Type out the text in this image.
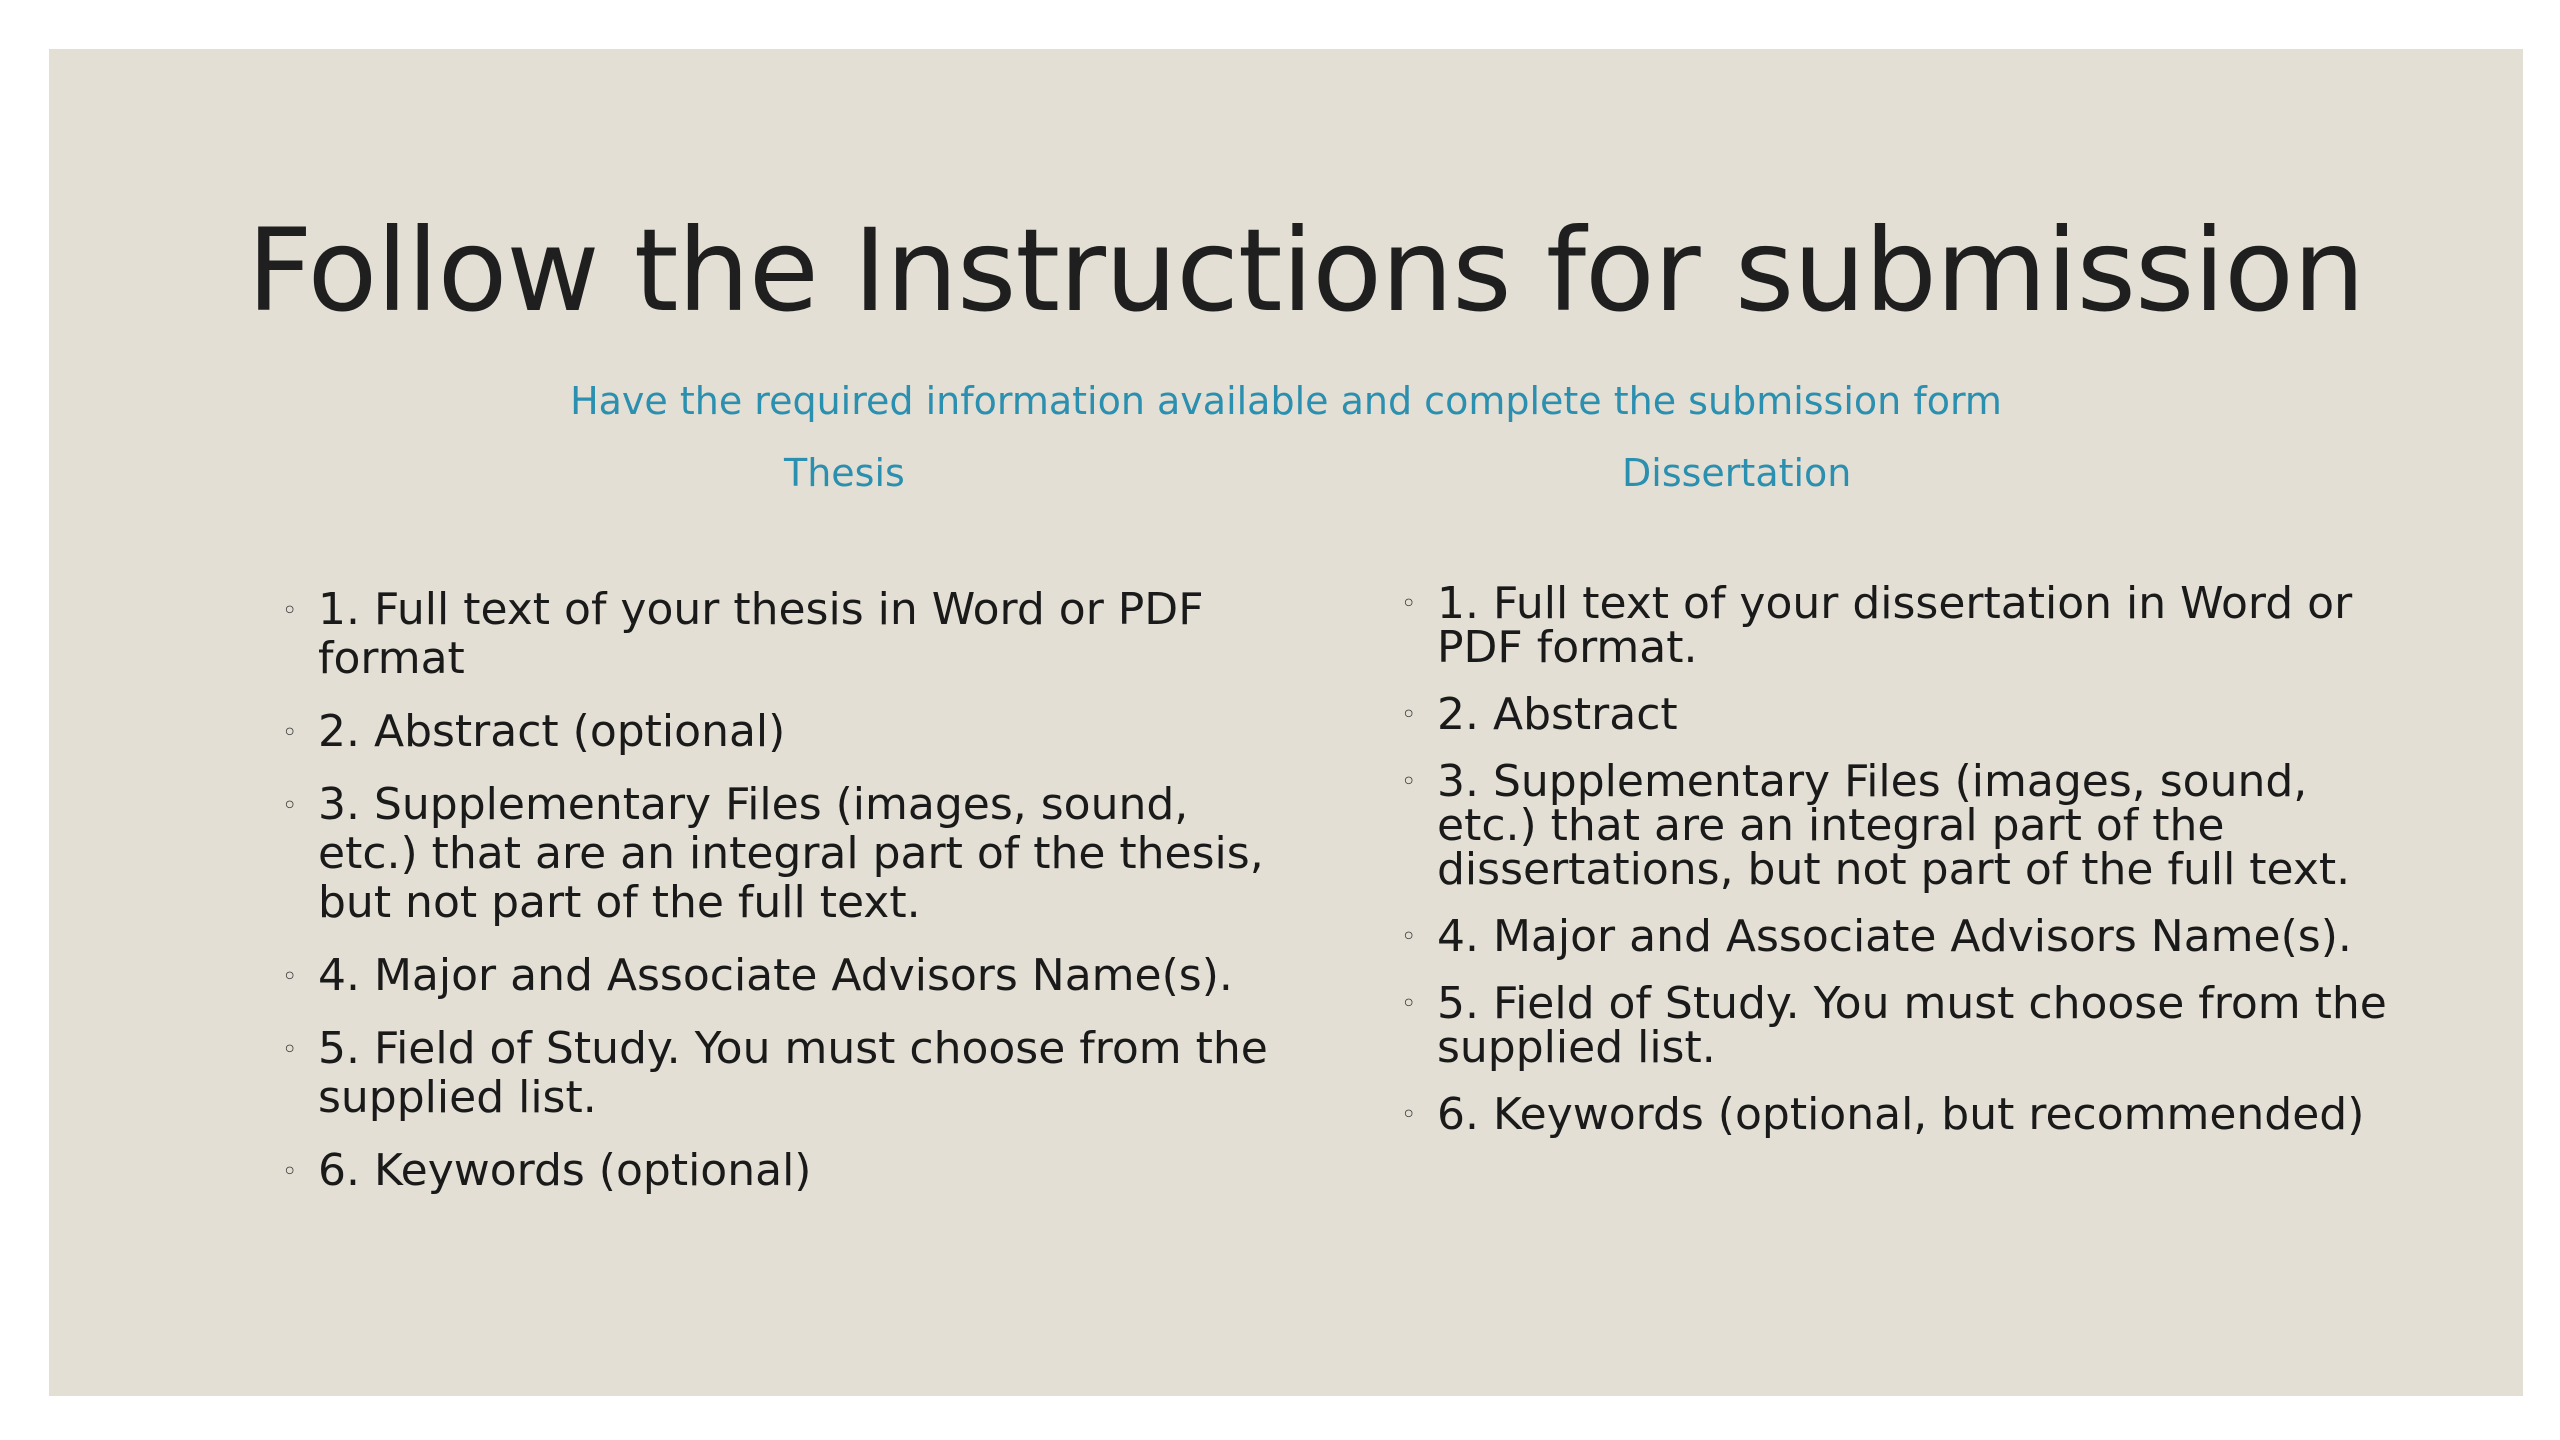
Follow the Instructions for submission
Have the required information available and complete the submission form
Thesis	Dissertation
◦ 1. Full text of your thesis in Word or PDF format
◦ 2. Abstract (optional)
◦ 3. Supplementary Files (images, sound, etc.) that are an integral part of the thesis, but not part of the full text.
◦ 4. Major and Associate Advisors Name(s).
◦ 5. Field of Study. You must choose from the supplied list.
◦ 6. Keywords (optional)
◦ 1. Full text of your dissertation in Word or PDF format.
◦ 2. Abstract
◦ 3. Supplementary Files (images, sound, etc.) that are an integral part of the dissertations, but not part of the full text.
◦ 4. Major and Associate Advisors Name(s).
◦ 5. Field of Study. You must choose from the supplied list.
◦ 6. Keywords (optional, but recommended)
